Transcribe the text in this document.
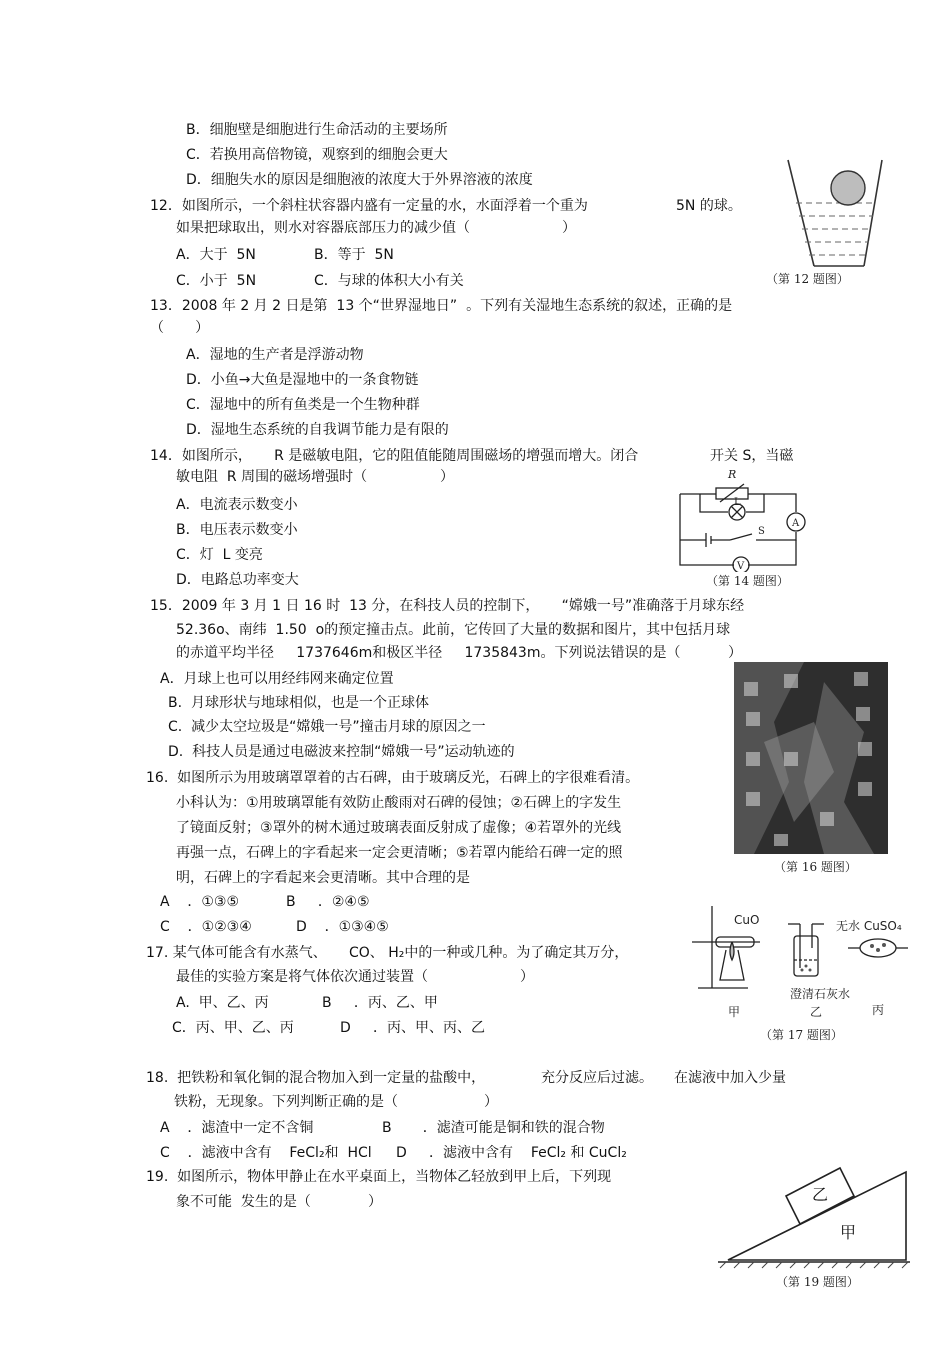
B．细胞壁是细胞进行生命活动的主要场所
C．若换用高倍物镜，观察到的细胞会更大
D．细胞失水的原因是细胞液的浓度大于外界溶液的浓度
12．如图所示，一个斜柱状容器内盛有一定量的水，水面浮着一个重为	5N 的球。
如果把球取出，则水对容器底部压力的减少值（	）
A．大于  5N	B．等于  5N
C．小于  5N	C．与球的体积大小有关	（第 12 题图）
13．2008 年 2 月 2 日是第  13 个“世界湿地日”  。下列有关湿地生态系统的叙述，正确的是
（       ）
A．湿地的生产者是浮游动物
D．小鱼→大鱼是湿地中的一条食物链
C．湿地中的所有鱼类是一个生物种群
D．湿地生态系统的自我调节能力是有限的
14．如图所示，     R 是磁敏电阻，它的阻值能随周围磁场的增强而增大。闭合	开关 S，当磁
敏电阻  R 周围的磁场增强时（	）
A．电流表示数变小
B．电压表示数变小
C．灯  L 变亮
D．电路总功率变大
R
L
S
A
V
（第 14 题图）
15．2009 年 3 月 1 日 16 时  13 分，在科技人员的控制下，     “嫦娥一号”准确落于月球东经
52.36o、南纬  1.50  o的预定撞击点。此前，它传回了大量的数据和图片，其中包括月球
的赤道平均半径     1737646m和极区半径     1735843m。下列说法错误的是（	）
A．月球上也可以用经纬网来确定位置
B.  月球形状与地球相似，也是一个正球体
C.  减少太空垃圾是“嫦娥一号”撞击月球的原因之一
D.  科技人员是通过电磁波来控制“嫦娥一号”运动轨迹的
16.  如图所示为用玻璃罩罩着的古石碑，由于玻璃反光，石碑上的字很难看清。
小科认为：①用玻璃罩能有效防止酸雨对石碑的侵蚀；②石碑上的字发生
了镜面反射；③罩外的树木通过玻璃表面反射成了虚像；④若罩外的光线
再强一点，石碑上的字看起来一定会更清晰；⑤若罩内能给石碑一定的照
明，石碑上的字看起来会更清晰。其中合理的是
A    ．①③⑤	B     ．②④⑤
C    ．①②③④	D    ．①③④⑤
（第 16 题图）
17. 某气体可能含有水蒸气、     CO、 H₂中的一种或几种。为了确定其万分，
最佳的实验方案是将气体依次通过装置（	）
A.  甲、乙、丙	B     ．丙、乙、甲
C．丙、甲、乙、丙	D     ．丙、甲、丙、乙
CuO	无水 CuSO₄
澄清石灰水
甲	乙	丙
（第 17 题图）
18.  把铁粉和氧化铜的混合物加入到一定量的盐酸中，	充分反应后过滤。 在滤液中加入少量
铁粉，无现象。下列判断正确的是（	）
A    ．滤渣中一定不含铜	B       ．滤渣可能是铜和铁的混合物
C    ．滤液中含有    FeCl₂和  HCl D     ．滤液中含有    FeCl₂ 和 CuCl₂
19.  如图所示，物体甲静止在水平桌面上，当物体乙轻放到甲上后，下列现
象不可能  发生的是（	）	乙
甲
（第 19 题图）
